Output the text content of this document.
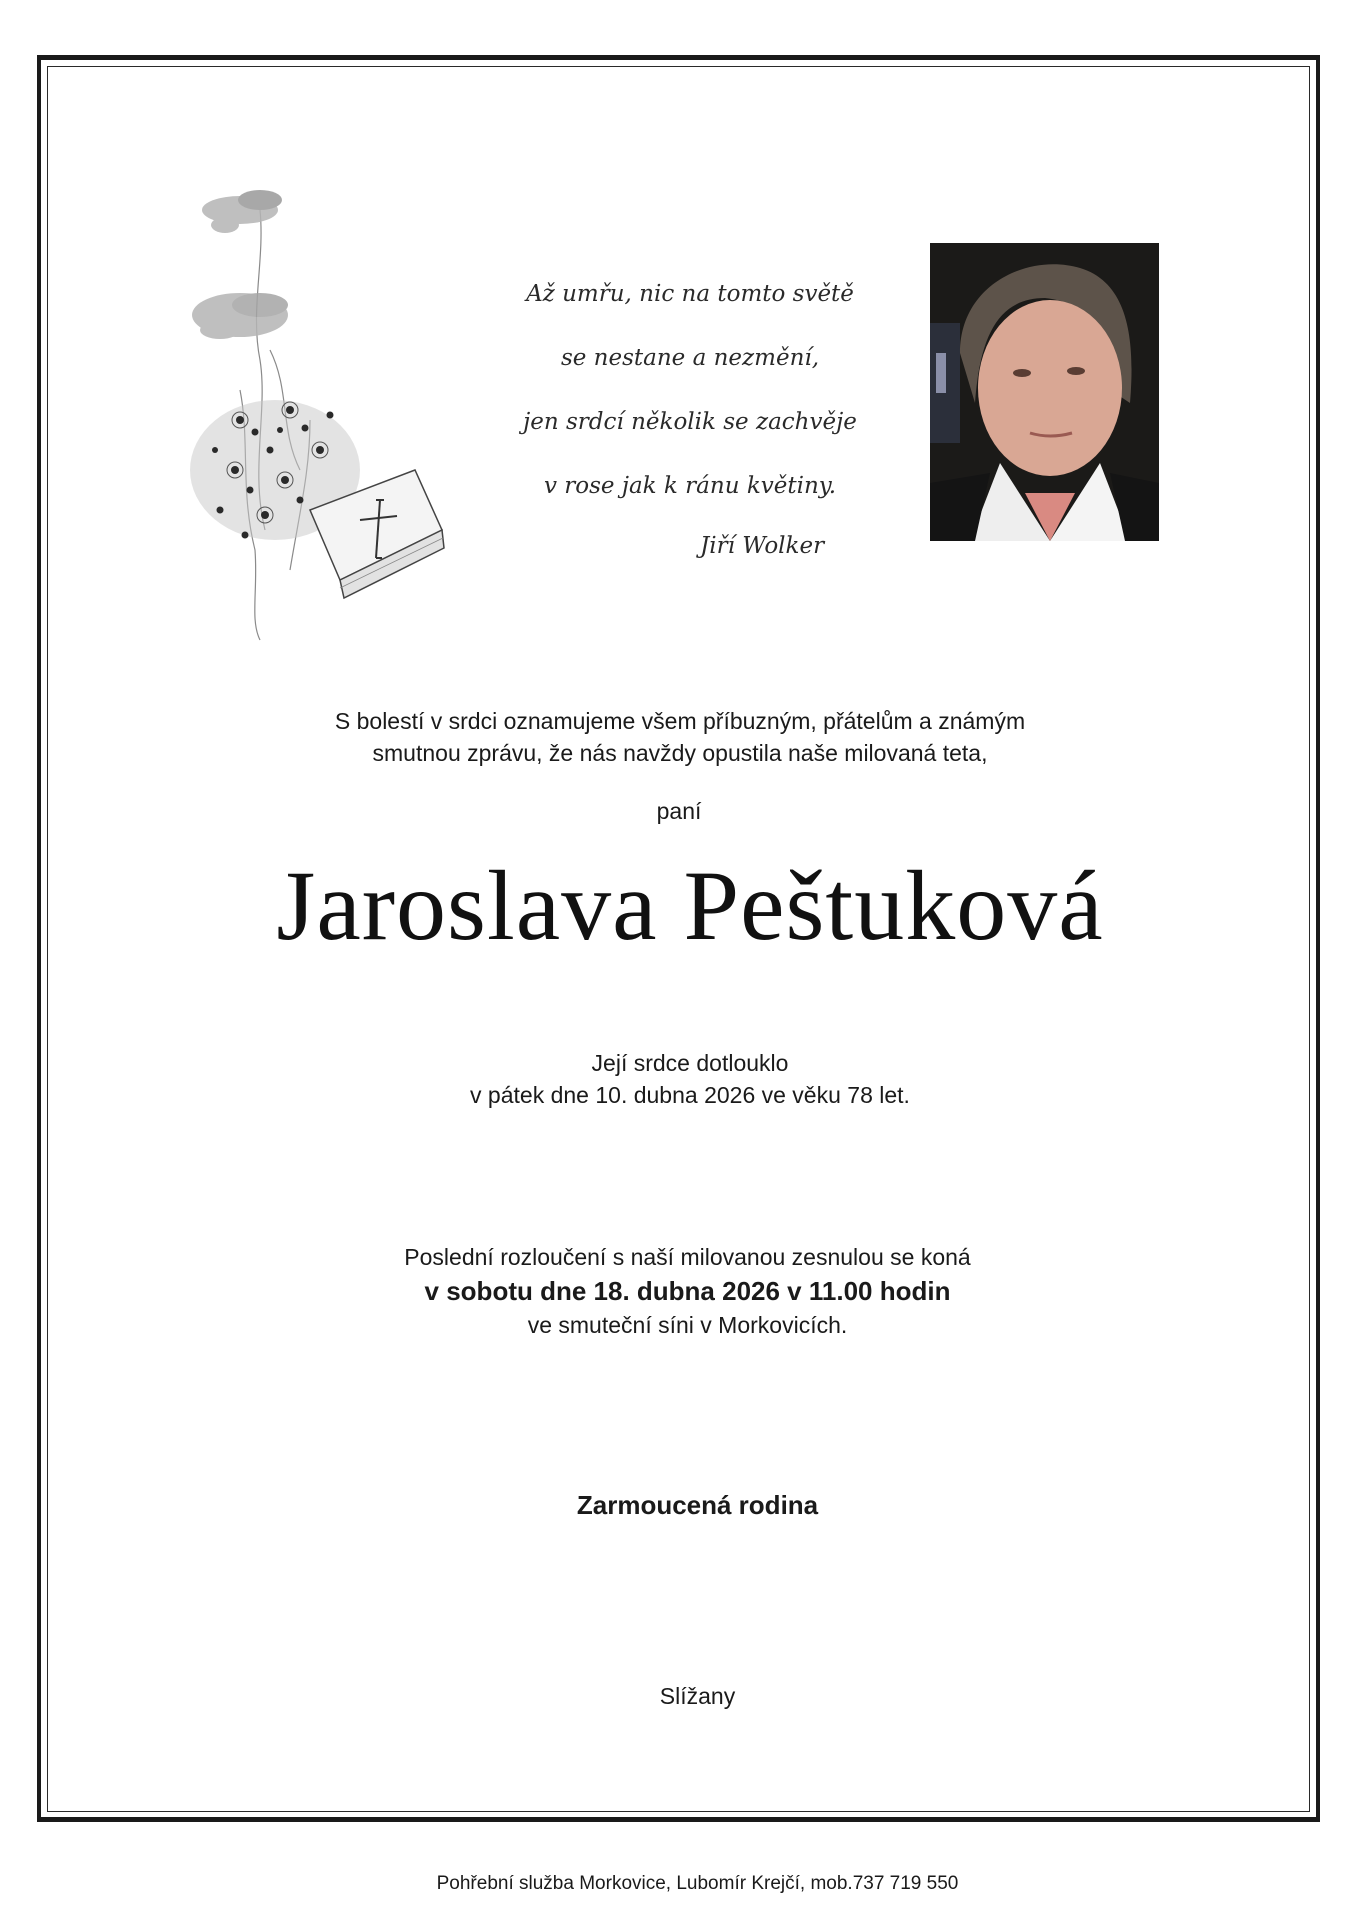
Až umřu, nic na tomto světě
se nestane a nezmění,
jen srdcí několik se zachvěje
v rose jak k ránu květiny.
Jiří Wolker
S bolestí v srdci oznamujeme všem příbuzným, přátelům a známým
smutnou zprávu, že nás navždy opustila naše milovaná teta,
paní
Jaroslava Peštuková
Její srdce dotlouklo
v pátek dne 10. dubna 2026 ve věku 78 let.
Poslední rozloučení s naší milovanou zesnulou se koná
v sobotu dne 18. dubna 2026 v 11.00 hodin
ve smuteční síni v Morkovicích.
Zarmoucená rodina
Slížany
Pohřební služba Morkovice, Lubomír Krejčí, mob.737 719 550
